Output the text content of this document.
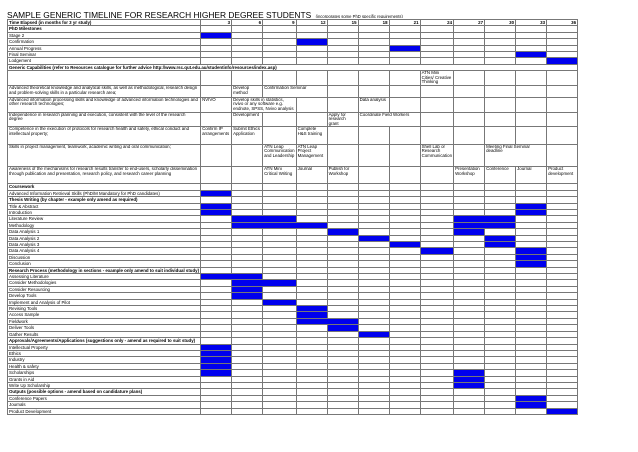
SAMPLE GENERIC TIMELINE FOR RESEARCH HIGHER DEGREE STUDENTS (incorporates some PhD specific requirements)
Time Elapsed (in months for 3 yr study)	3	6	9	12	15	18	21	24	27	30	33	36
PhD Milestones												
Stage 2												
Confirmation												
Annual Progress												
Final Seminar												
Lodgement												
Generic Capabilities (refer to Resources catalogue for further advice http://www.rsc.qut.edu.au/studentinfo/resources/index.asp)												
								ATN Mini Cities/ Creative Thinking				
Advanced theoretical knowledge and analytical skills, as well as methodological, research design and problem-solving skills in a particular research area;		Develop method	Confirmation Seminar									
Advanced information processing skills and knowledge of advanced information technologies and other research technologies;	NVIVO	Develop skills in statistics, nvivo or any software e.g. endnote, SPSS, Nvivo analysis				Data analysis						
Independence in research planning and execution, consistent with the level of the research degree		Development			Apply for research grant	Coordinate Field Workers						
Competence in the execution of protocols for research health and safety, ethical conduct and intellectual property;	Confirm IP arrangements	Submit Ethics Application		Complete H&S training								
Skills in project management, teamwork, academic writing and oral communication;			ATN Leap Communication and Leadership	ATN Leap Project Management				Shell Lab or Research Communication		Meeting Final Seminar deadline		
Awareness of the mechanisms for research results transfer to end-users, scholarly dissemination through publication and presentation, research policy, and research career planning			ATN Mini Critical Writing	Journal	Publish for Workshop				Presentation Workshop	Conference	Journal	Product development
Coursework												
Advanced Information Retrieval Skills (PhD/M Mandatory for PhD candidates)												
Thesis Writing (by chapter - example only amend as required)												
Title & Abstract												
Introduction												
Literature Review												
Methodology												
Data Analysis 1												
Data Analysis 2												
Data Analysis 3												
Data Analysis 4												
Discussion												
Conclusion												
Research Process (methodology in sections - example only amend to suit individual study)												
Assessing Literature												
Consider Methodologies												
Consider Resourcing												
Develop Tools												
Implement and Analysis of Pilot												
Revising Tools												
Access Sample												
Fieldwork												
Deliver Tools												
Gather Results												
Approvals/Agreements/Applications (suggestions only - amend as required to suit study)												
Intellectual Property												
Ethics												
Industry												
Health & safety												
Scholarships												
Grants in Aid												
Write Up Scholarship												
Outputs (possible options - amend based on candidature plans)												
Conference Papers												
Journals												
Product Development												
